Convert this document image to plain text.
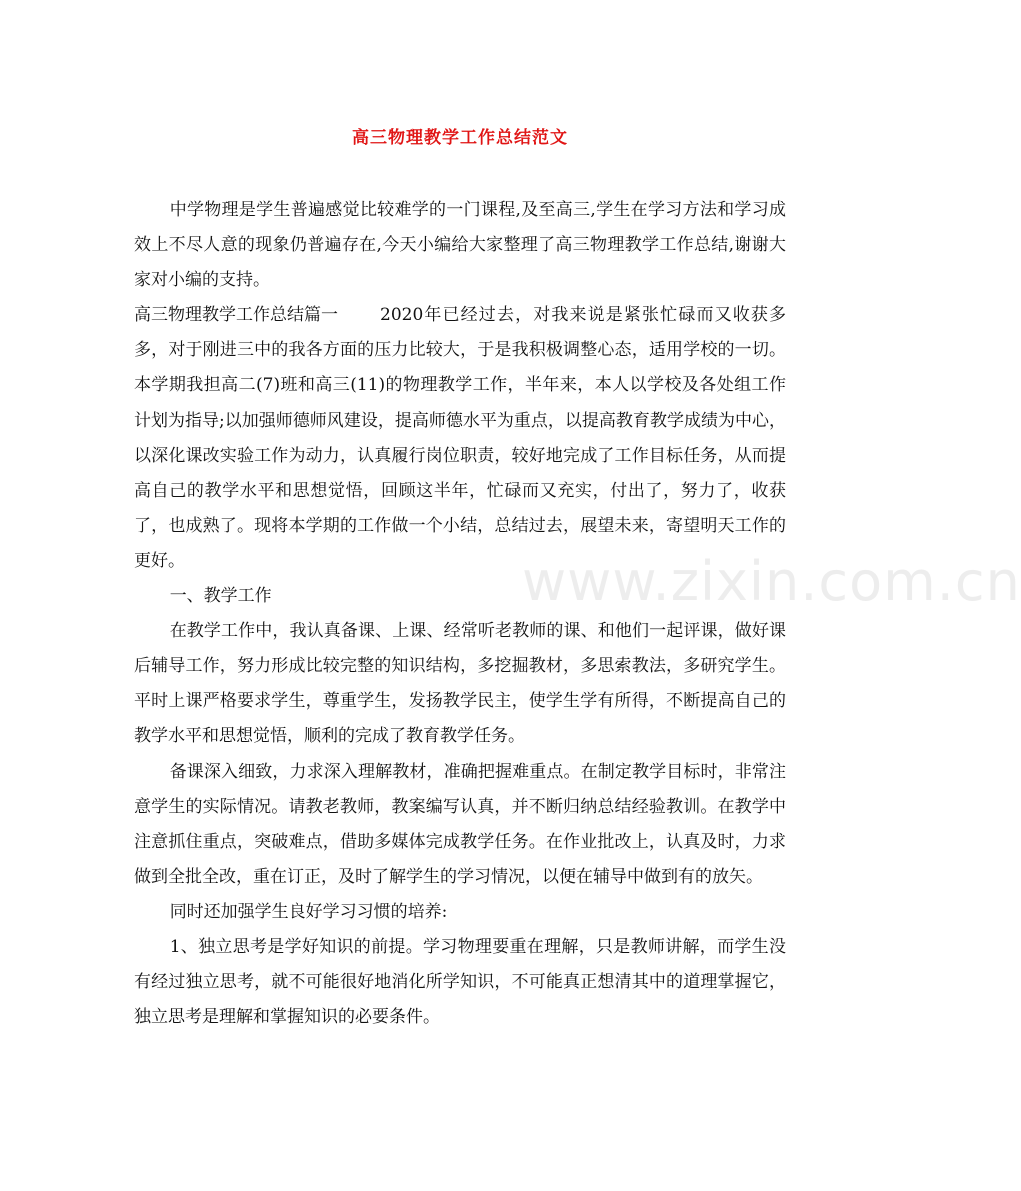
高三物理教学工作总结范文
www.zixin.com.cn

中学物理是学生普遍感觉比较难学的一门课程,及至高三,学生在学习方法和学习成效上不尽人意的现象仍普遍存在,今天小编给大家整理了高三物理教学工作总结,谢谢大家对小编的支持。

高三物理教学工作总结篇一 2020年已经过去，对我来说是紧张忙碌而又收获多多，对于刚进三中的我各方面的压力比较大，于是我积极调整心态，适用学校的一切。本学期我担高二(7)班和高三(11)的物理教学工作，半年来，本人以学校及各处组工作计划为指导;以加强师德师风建设，提高师德水平为重点，以提高教育教学成绩为中心，以深化课改实验工作为动力，认真履行岗位职责，较好地完成了工作目标任务，从而提高自己的教学水平和思想觉悟，回顾这半年，忙碌而又充实，付出了，努力了，收获了，也成熟了。现将本学期的工作做一个小结，总结过去，展望未来，寄望明天工作的更好。

一、教学工作

在教学工作中，我认真备课、上课、经常听老教师的课、和他们一起评课，做好课后辅导工作，努力形成比较完整的知识结构，多挖掘教材，多思索教法，多研究学生。平时上课严格要求学生，尊重学生，发扬教学民主，使学生学有所得，不断提高自己的教学水平和思想觉悟，顺利的完成了教育教学任务。

备课深入细致，力求深入理解教材，准确把握难重点。在制定教学目标时，非常注意学生的实际情况。请教老教师，教案编写认真，并不断归纳总结经验教训。在教学中注意抓住重点，突破难点，借助多媒体完成教学任务。在作业批改上，认真及时，力求做到全批全改，重在订正，及时了解学生的学习情况，以便在辅导中做到有的放矢。

同时还加强学生良好学习习惯的培养:

1、独立思考是学好知识的前提。学习物理要重在理解，只是教师讲解，而学生没有经过独立思考，就不可能很好地消化所学知识，不可能真正想清其中的道理掌握它，独立思考是理解和掌握知识的必要条件。
